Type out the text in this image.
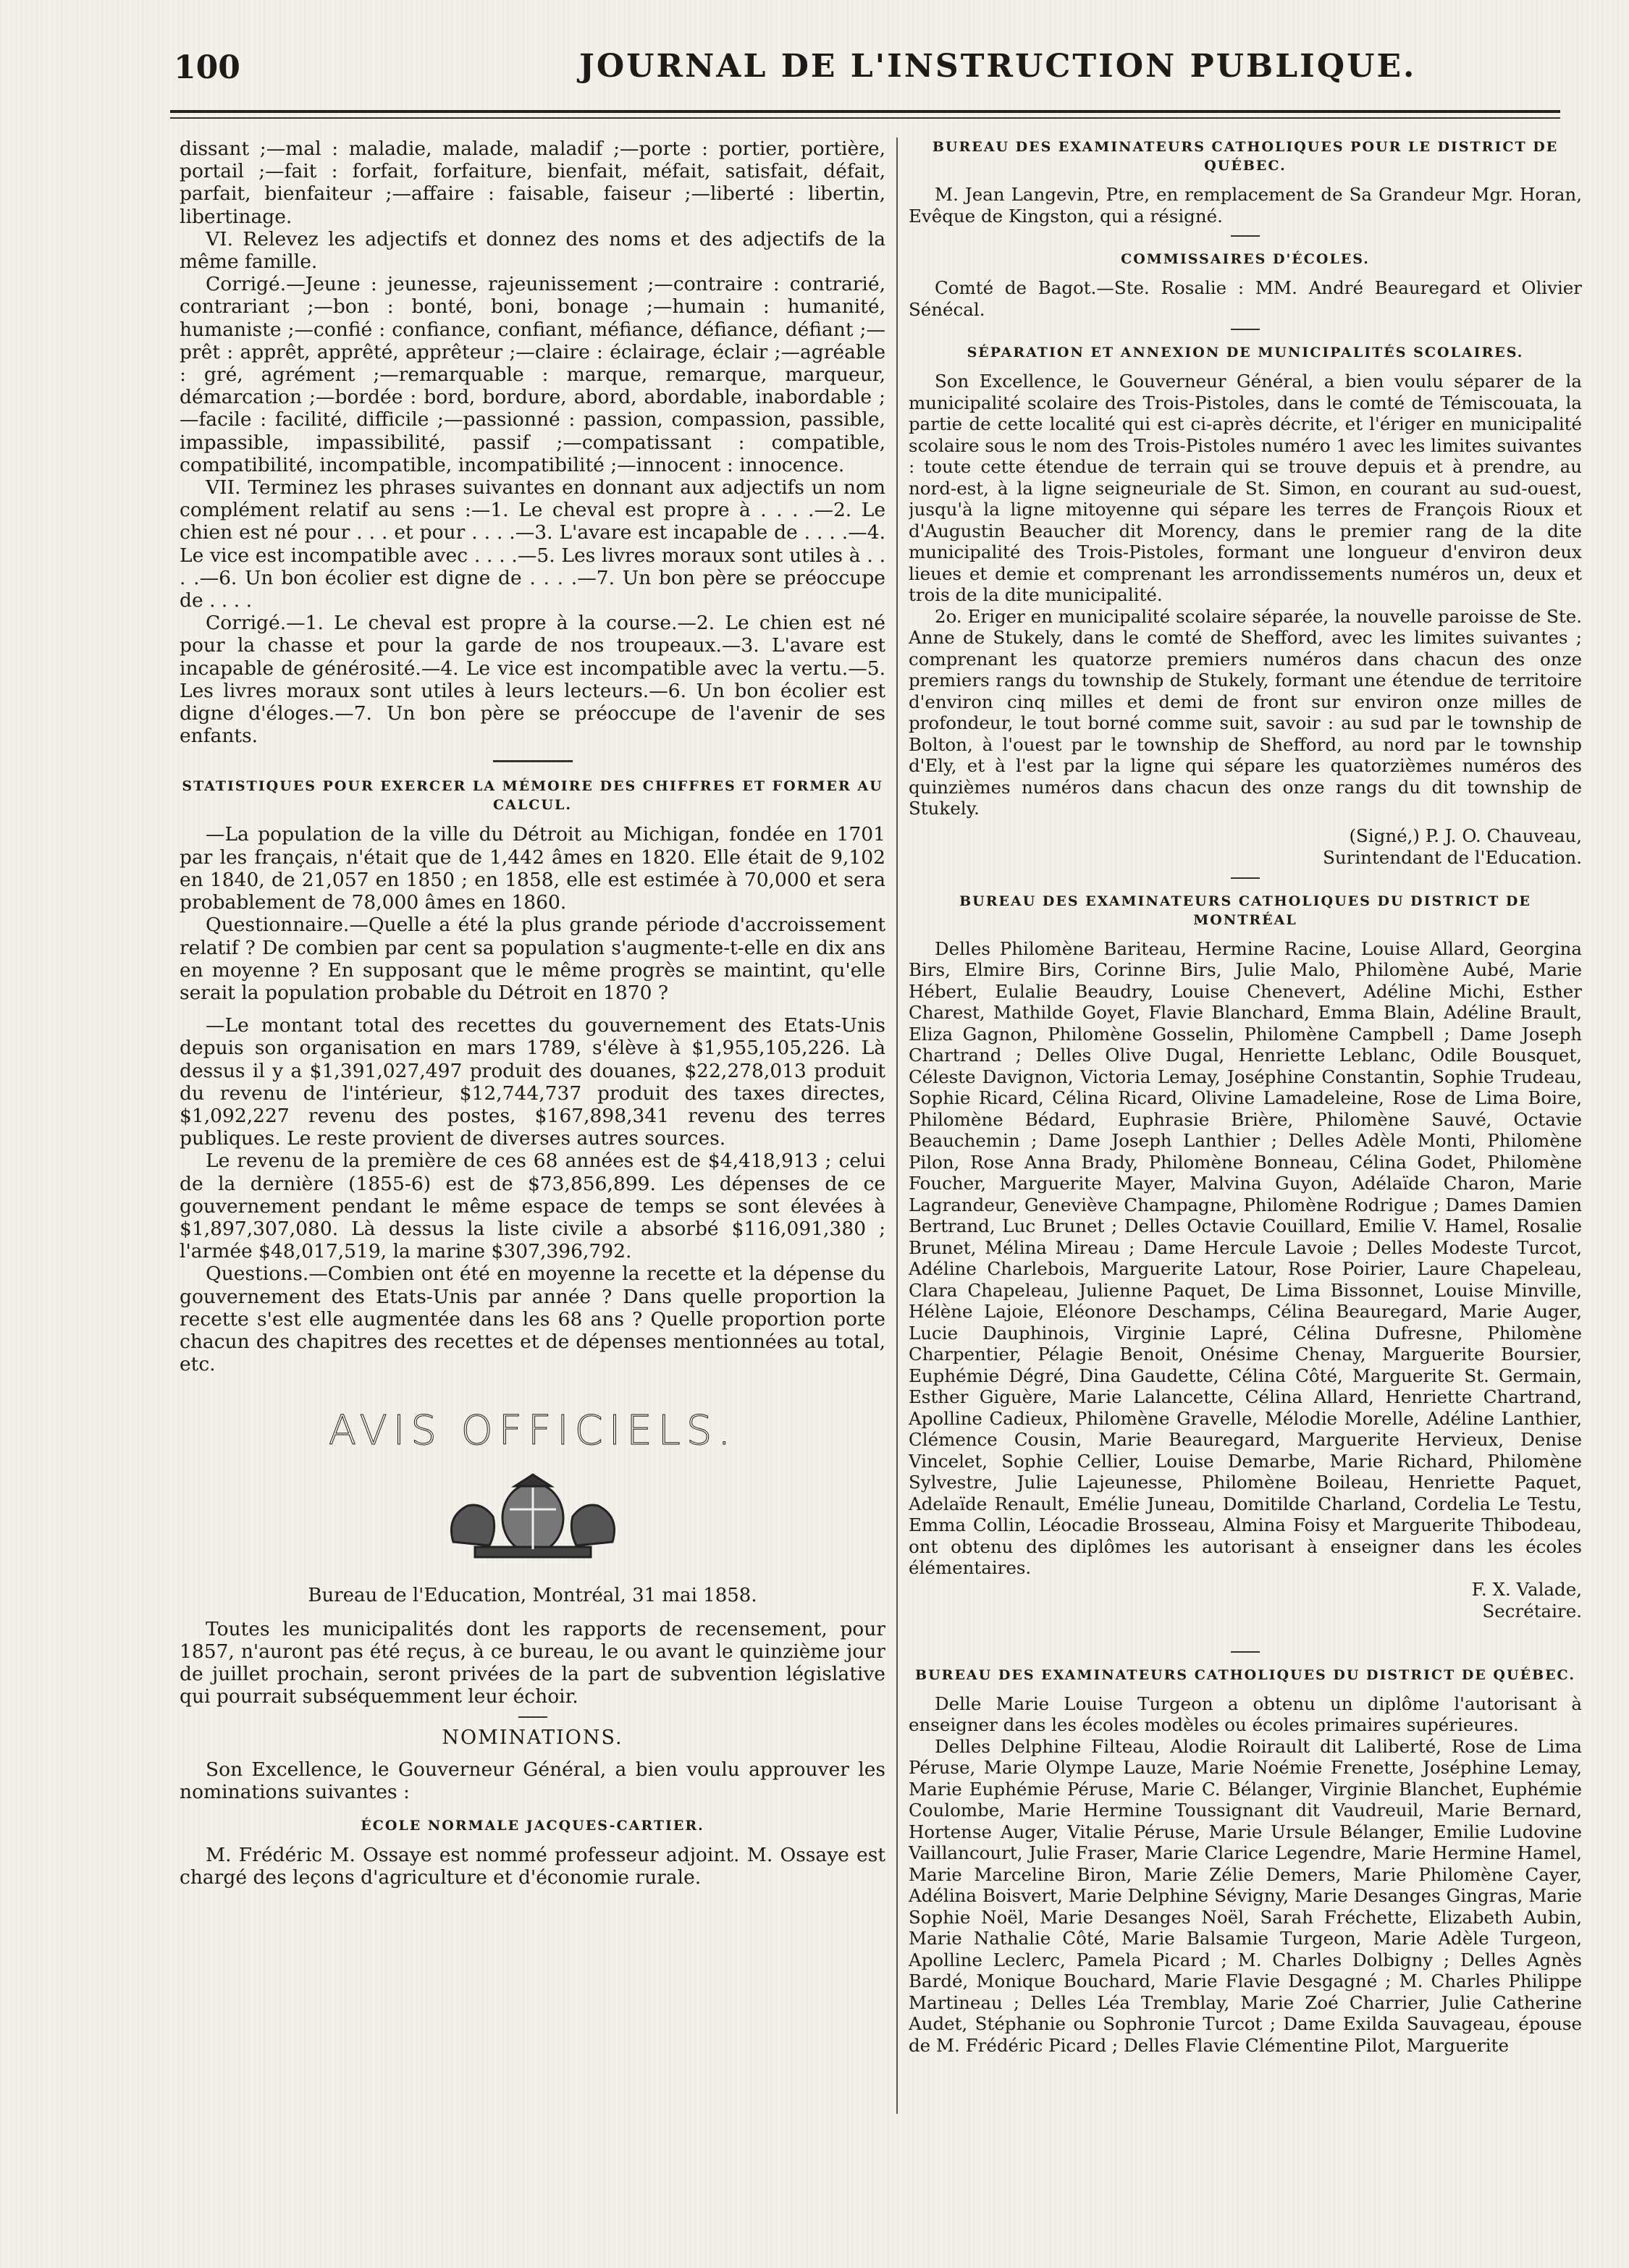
100	JOURNAL DE L'INSTRUCTION PUBLIQUE.

dissant ;—mal : maladie, malade, maladif ;—porte : portier, portière, portail ;—fait : forfait, forfaiture, bienfait, méfait, satisfait, défait, parfait, bienfaiteur ;—affaire : faisable, faiseur ;—liberté : libertin, libertinage.

VI. Relevez les adjectifs et donnez des noms et des adjectifs de la même famille.

Corrigé.—Jeune : jeunesse, rajeunissement ;—contraire : contrarié, contrariant ;—bon : bonté, boni, bonage ;—humain : humanité, humaniste ;—confié : confiance, confiant, méfiance, défiance, défiant ;—prêt : apprêt, apprêté, apprêteur ;—claire : éclairage, éclair ;—agréable : gré, agrément ;—remarquable : marque, remarque, marqueur, démarcation ;—bordée : bord, bordure, abord, abordable, inabordable ;—facile : facilité, difficile ;—passionné : passion, compassion, passible, impassible, impassibilité, passif ;—compatissant : compatible, compatibilité, incompatible, incompatibilité ;—innocent : innocence.

VII. Terminez les phrases suivantes en donnant aux adjectifs un nom complément relatif au sens :—1. Le cheval est propre à . . . .—2. Le chien est né pour . . . et pour . . . .—3. L'avare est incapable de . . . .—4. Le vice est incompatible avec . . . .—5. Les livres moraux sont utiles à . . . .—6. Un bon écolier est digne de . . . .—7. Un bon père se préoccupe de . . . .

Corrigé.—1. Le cheval est propre à la course.—2. Le chien est né pour la chasse et pour la garde de nos troupeaux.—3. L'avare est incapable de générosité.—4. Le vice est incompatible avec la vertu.—5. Les livres moraux sont utiles à leurs lecteurs.—6. Un bon écolier est digne d'éloges.—7. Un bon père se préoccupe de l'avenir de ses enfants.

STATISTIQUES POUR EXERCER LA MÉMOIRE DES CHIFFRES ET FORMER AU CALCUL.

—La population de la ville du Détroit au Michigan, fondée en 1701 par les français, n'était que de 1,442 âmes en 1820. Elle était de 9,102 en 1840, de 21,057 en 1850 ; en 1858, elle est estimée à 70,000 et sera probablement de 78,000 âmes en 1860.

Questionnaire.—Quelle a été la plus grande période d'accroissement relatif ? De combien par cent sa population s'augmente-t-elle en dix ans en moyenne ? En supposant que le même progrès se maintint, qu'elle serait la population probable du Détroit en 1870 ?

—Le montant total des recettes du gouvernement des Etats-Unis depuis son organisation en mars 1789, s'élève à $1,955,105,226. Là dessus il y a $1,391,027,497 produit des douanes, $22,278,013 produit du revenu de l'intérieur, $12,744,737 produit des taxes directes, $1,092,227 revenu des postes, $167,898,341 revenu des terres publiques. Le reste provient de diverses autres sources.

Le revenu de la première de ces 68 années est de $4,418,913 ; celui de la dernière (1855-6) est de $73,856,899. Les dépenses de ce gouvernement pendant le même espace de temps se sont élevées à $1,897,307,080. Là dessus la liste civile a absorbé $116,091,380 ; l'armée $48,017,519, la marine $307,396,792.

Questions.—Combien ont été en moyenne la recette et la dépense du gouvernement des Etats-Unis par année ? Dans quelle proportion la recette s'est elle augmentée dans les 68 ans ? Quelle proportion porte chacun des chapitres des recettes et de dépenses mentionnées au total, etc.

AVIS OFFICIELS.

Bureau de l'Education, Montréal, 31 mai 1858.

Toutes les municipalités dont les rapports de recensement, pour 1857, n'auront pas été reçus, à ce bureau, le ou avant le quinzième jour de juillet prochain, seront privées de la part de subvention législative qui pourrait subséquemment leur échoir.

NOMINATIONS.

Son Excellence, le Gouverneur Général, a bien voulu approuver les nominations suivantes :

ÉCOLE NORMALE JACQUES-CARTIER.

M. Frédéric M. Ossaye est nommé professeur adjoint. M. Ossaye est chargé des leçons d'agriculture et d'économie rurale.

BUREAU DES EXAMINATEURS CATHOLIQUES POUR LE DISTRICT DE QUÉBEC.

M. Jean Langevin, Ptre, en remplacement de Sa Grandeur Mgr. Horan, Evêque de Kingston, qui a résigné.

COMMISSAIRES D'ÉCOLES.

Comté de Bagot.—Ste. Rosalie : MM. André Beauregard et Olivier Sénécal.

SÉPARATION ET ANNEXION DE MUNICIPALITÉS SCOLAIRES.

Son Excellence, le Gouverneur Général, a bien voulu séparer de la municipalité scolaire des Trois-Pistoles, dans le comté de Témiscouata, la partie de cette localité qui est ci-après décrite, et l'ériger en municipalité scolaire sous le nom des Trois-Pistoles numéro 1 avec les limites suivantes : toute cette étendue de terrain qui se trouve depuis et à prendre, au nord-est, à la ligne seigneuriale de St. Simon, en courant au sud-ouest, jusqu'à la ligne mitoyenne qui sépare les terres de François Rioux et d'Augustin Beaucher dit Morency, dans le premier rang de la dite municipalité des Trois-Pistoles, formant une longueur d'environ deux lieues et demie et comprenant les arrondissements numéros un, deux et trois de la dite municipalité.

2o. Eriger en municipalité scolaire séparée, la nouvelle paroisse de Ste. Anne de Stukely, dans le comté de Shefford, avec les limites suivantes ; comprenant les quatorze premiers numéros dans chacun des onze premiers rangs du township de Stukely, formant une étendue de territoire d'environ cinq milles et demi de front sur environ onze milles de profondeur, le tout borné comme suit, savoir : au sud par le township de Bolton, à l'ouest par le township de Shefford, au nord par le township d'Ely, et à l'est par la ligne qui sépare les quatorzièmes numéros des quinzièmes numéros dans chacun des onze rangs du dit township de Stukely.

(Signé,) P. J. O. Chauveau,

Surintendant de l'Education.

BUREAU DES EXAMINATEURS CATHOLIQUES DU DISTRICT DE MONTRÉAL

Delles Philomène Bariteau, Hermine Racine, Louise Allard, Georgina Birs, Elmire Birs, Corinne Birs, Julie Malo, Philomène Aubé, Marie Hébert, Eulalie Beaudry, Louise Chenevert, Adéline Michi, Esther Charest, Mathilde Goyet, Flavie Blanchard, Emma Blain, Adéline Brault, Eliza Gagnon, Philomène Gosselin, Philomène Campbell ; Dame Joseph Chartrand ; Delles Olive Dugal, Henriette Leblanc, Odile Bousquet, Céleste Davignon, Victoria Lemay, Joséphine Constantin, Sophie Trudeau, Sophie Ricard, Célina Ricard, Olivine Lamadeleine, Rose de Lima Boire, Philomène Bédard, Euphrasie Brière, Philomène Sauvé, Octavie Beauchemin ; Dame Joseph Lanthier ; Delles Adèle Monti, Philomène Pilon, Rose Anna Brady, Philomène Bonneau, Célina Godet, Philomène Foucher, Marguerite Mayer, Malvina Guyon, Adélaïde Charon, Marie Lagrandeur, Geneviève Champagne, Philomène Rodrigue ; Dames Damien Bertrand, Luc Brunet ; Delles Octavie Couillard, Emilie V. Hamel, Rosalie Brunet, Mélina Mireau ; Dame Hercule Lavoie ; Delles Modeste Turcot, Adéline Charlebois, Marguerite Latour, Rose Poirier, Laure Chapeleau, Clara Chapeleau, Julienne Paquet, De Lima Bissonnet, Louise Minville, Hélène Lajoie, Eléonore Deschamps, Célina Beauregard, Marie Auger, Lucie Dauphinois, Virginie Lapré, Célina Dufresne, Philomène Charpentier, Pélagie Benoit, Onésime Chenay, Marguerite Boursier, Euphémie Dégré, Dina Gaudette, Célina Côté, Marguerite St. Germain, Esther Giguère, Marie Lalancette, Célina Allard, Henriette Chartrand, Apolline Cadieux, Philomène Gravelle, Mélodie Morelle, Adéline Lanthier, Clémence Cousin, Marie Beauregard, Marguerite Hervieux, Denise Vincelet, Sophie Cellier, Louise Demarbe, Marie Richard, Philomène Sylvestre, Julie Lajeunesse, Philomène Boileau, Henriette Paquet, Adelaïde Renault, Emélie Juneau, Domitilde Charland, Cordelia Le Testu, Emma Collin, Léocadie Brosseau, Almina Foisy et Marguerite Thibodeau, ont obtenu des diplômes les autorisant à enseigner dans les écoles élémentaires.

F. X. Valade,

Secrétaire.

BUREAU DES EXAMINATEURS CATHOLIQUES DU DISTRICT DE QUÉBEC.

Delle Marie Louise Turgeon a obtenu un diplôme l'autorisant à enseigner dans les écoles modèles ou écoles primaires supérieures.

Delles Delphine Filteau, Alodie Roirault dit Laliberté, Rose de Lima Péruse, Marie Olympe Lauze, Marie Noémie Frenette, Joséphine Lemay, Marie Euphémie Péruse, Marie C. Bélanger, Virginie Blanchet, Euphémie Coulombe, Marie Hermine Toussignant dit Vaudreuil, Marie Bernard, Hortense Auger, Vitalie Péruse, Marie Ursule Bélanger, Emilie Ludovine Vaillancourt, Julie Fraser, Marie Clarice Legendre, Marie Hermine Hamel, Marie Marceline Biron, Marie Zélie Demers, Marie Philomène Cayer, Adélina Boisvert, Marie Delphine Sévigny, Marie Desanges Gingras, Marie Sophie Noël, Marie Desanges Noël, Sarah Fréchette, Elizabeth Aubin, Marie Nathalie Côté, Marie Balsamie Turgeon, Marie Adèle Turgeon, Apolline Leclerc, Pamela Picard ; M. Charles Dolbigny ; Delles Agnès Bardé, Monique Bouchard, Marie Flavie Desgagné ; M. Charles Philippe Martineau ; Delles Léa Tremblay, Marie Zoé Charrier, Julie Catherine Audet, Stéphanie ou Sophronie Turcot ; Dame Exilda Sauvageau, épouse de M. Frédéric Picard ; Delles Flavie Clémentine Pilot, Marguerite
